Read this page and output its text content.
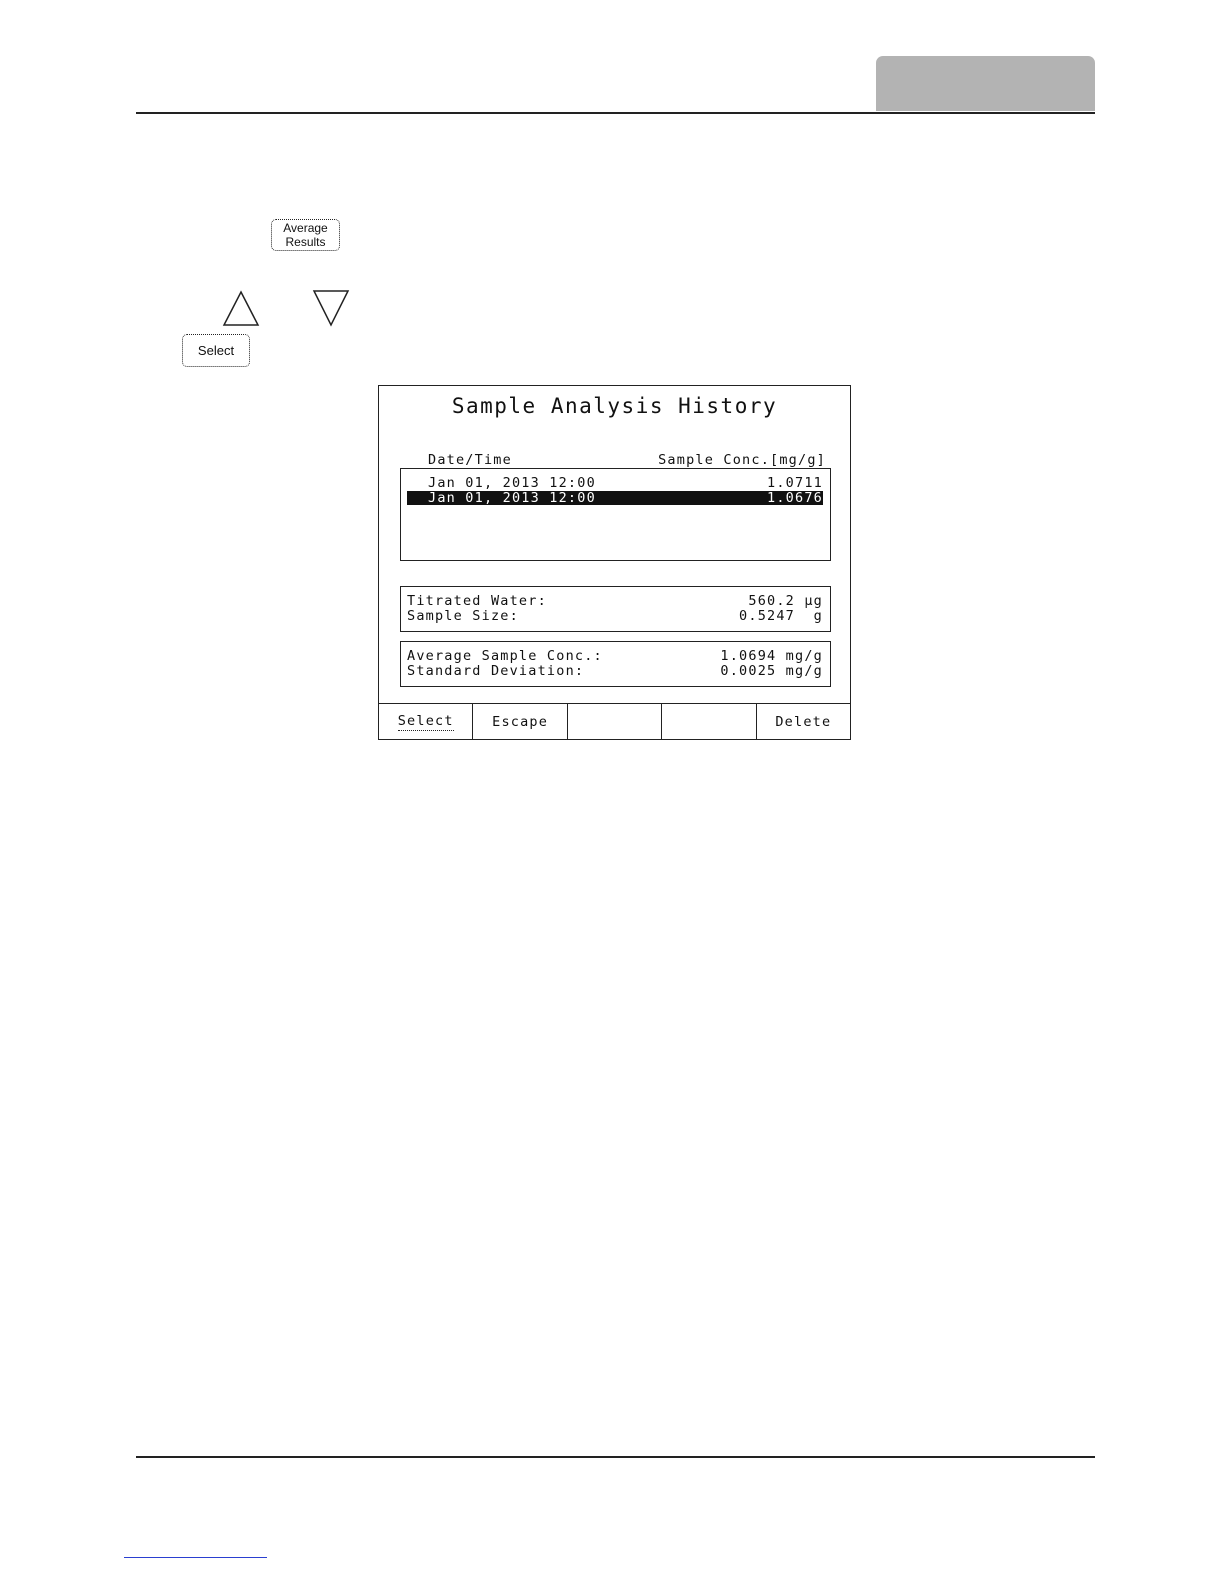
Average
Results
Select
Sample Analysis History
Date/Time	Sample Conc.[mg/g]
Jan 01, 2013 12:00	1.0711
Jan 01, 2013 12:00	1.0676
Titrated Water:	560.2 µg
Sample Size:	0.5247  g
Average Sample Conc.:	1.0694 mg/g
Standard Deviation:	0.0025 mg/g
Select	Escape	Delete
